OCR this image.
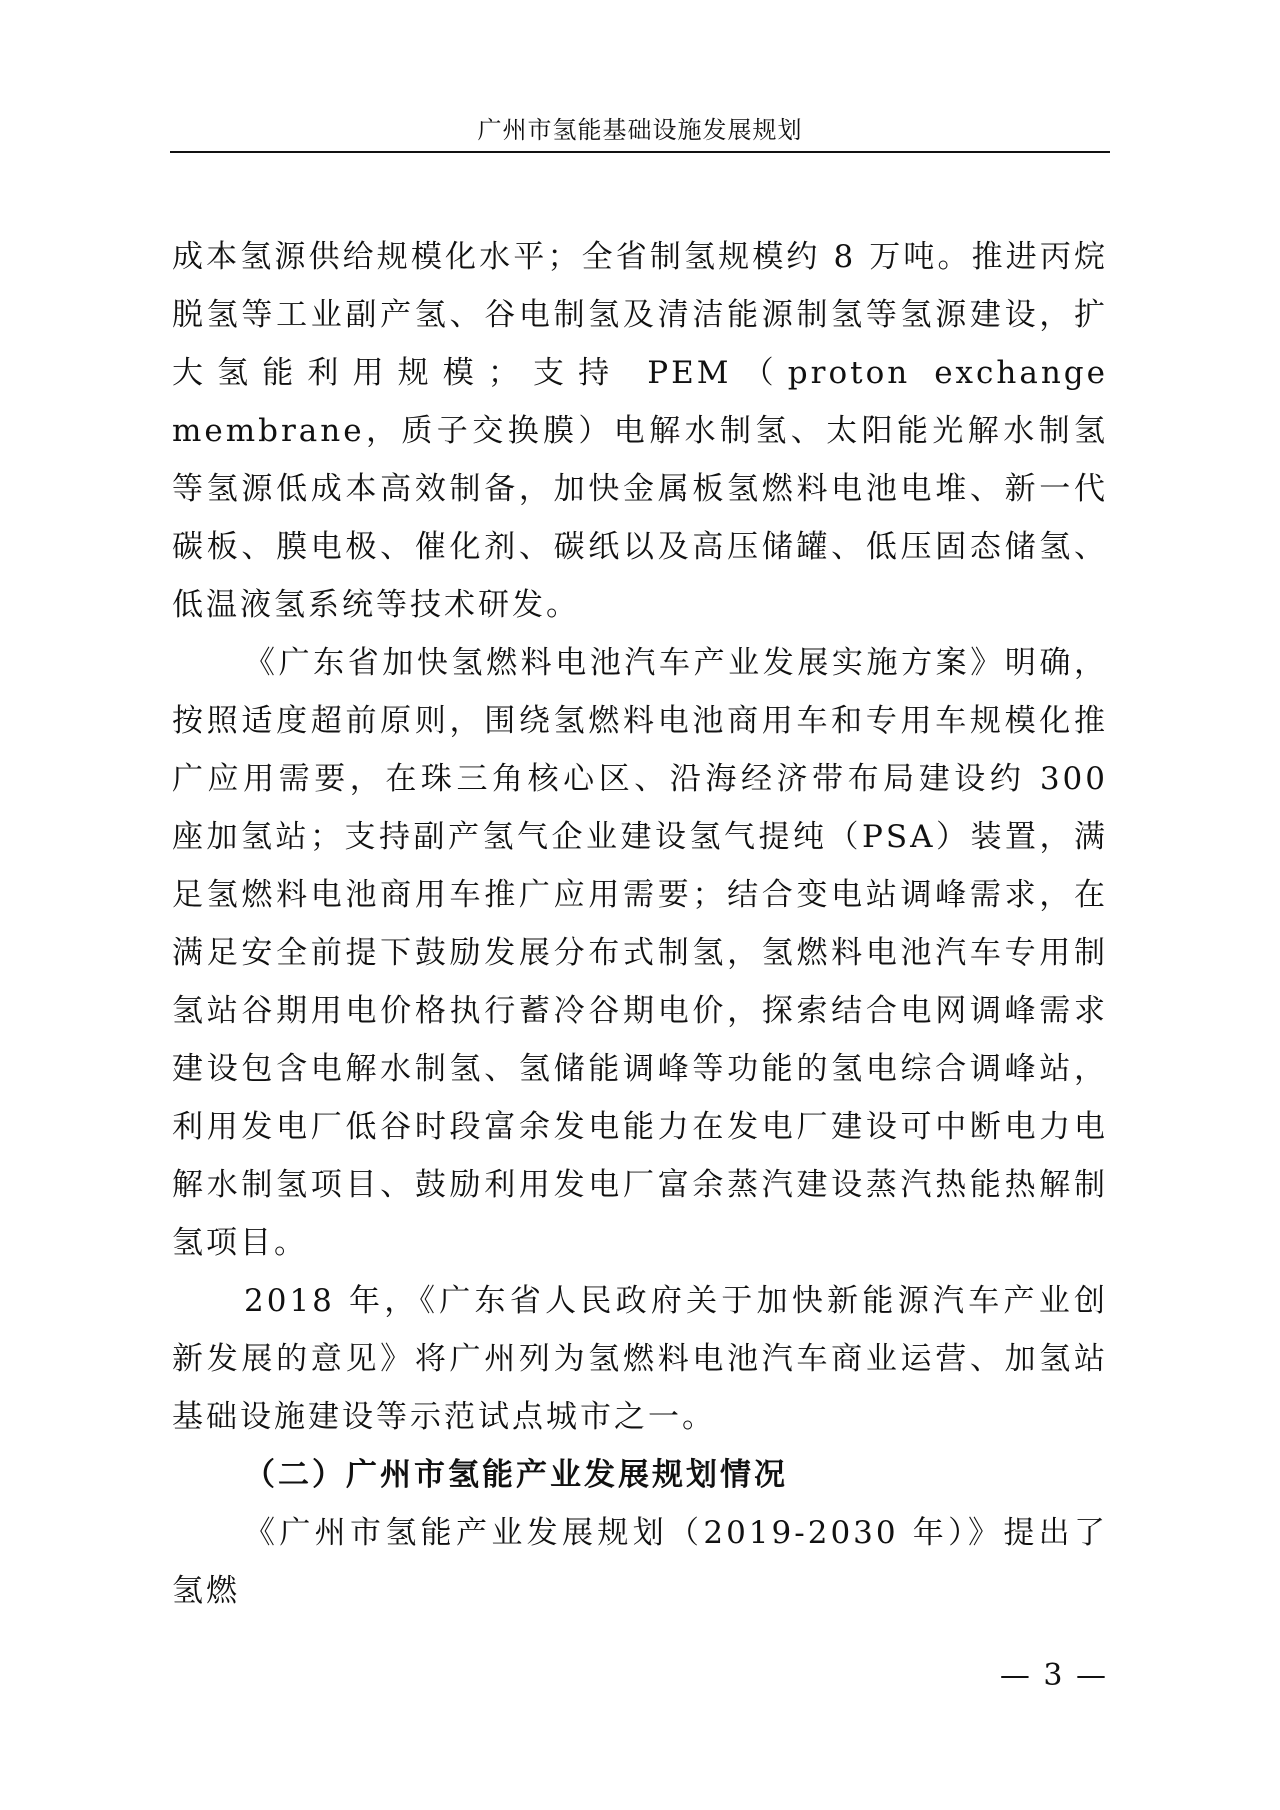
广州市氢能基础设施发展规划

成本氢源供给规模化水平；全省制氢规模约 8 万吨。推进丙烷脱氢等工业副产氢、谷电制氢及清洁能源制氢等氢源建设，扩大氢能利用规模；支持 PEM（proton exchange membrane，质子交换膜）电解水制氢、太阳能光解水制氢等氢源低成本高效制备，加快金属板氢燃料电池电堆、新一代碳板、膜电极、催化剂、碳纸以及高压储罐、低压固态储氢、低温液氢系统等技术研发。

《广东省加快氢燃料电池汽车产业发展实施方案》明确，按照适度超前原则，围绕氢燃料电池商用车和专用车规模化推广应用需要，在珠三角核心区、沿海经济带布局建设约 300 座加氢站；支持副产氢气企业建设氢气提纯（PSA）装置，满足氢燃料电池商用车推广应用需要；结合变电站调峰需求，在满足安全前提下鼓励发展分布式制氢，氢燃料电池汽车专用制氢站谷期用电价格执行蓄冷谷期电价，探索结合电网调峰需求建设包含电解水制氢、氢储能调峰等功能的氢电综合调峰站，利用发电厂低谷时段富余发电能力在发电厂建设可中断电力电解水制氢项目、鼓励利用发电厂富余蒸汽建设蒸汽热能热解制氢项目。

2018 年，《广东省人民政府关于加快新能源汽车产业创新发展的意见》将广州列为氢燃料电池汽车商业运营、加氢站基础设施建设等示范试点城市之一。

（二）广州市氢能产业发展规划情况

《广州市氢能产业发展规划（2019-2030 年）》提出了氢燃

— 3 —
